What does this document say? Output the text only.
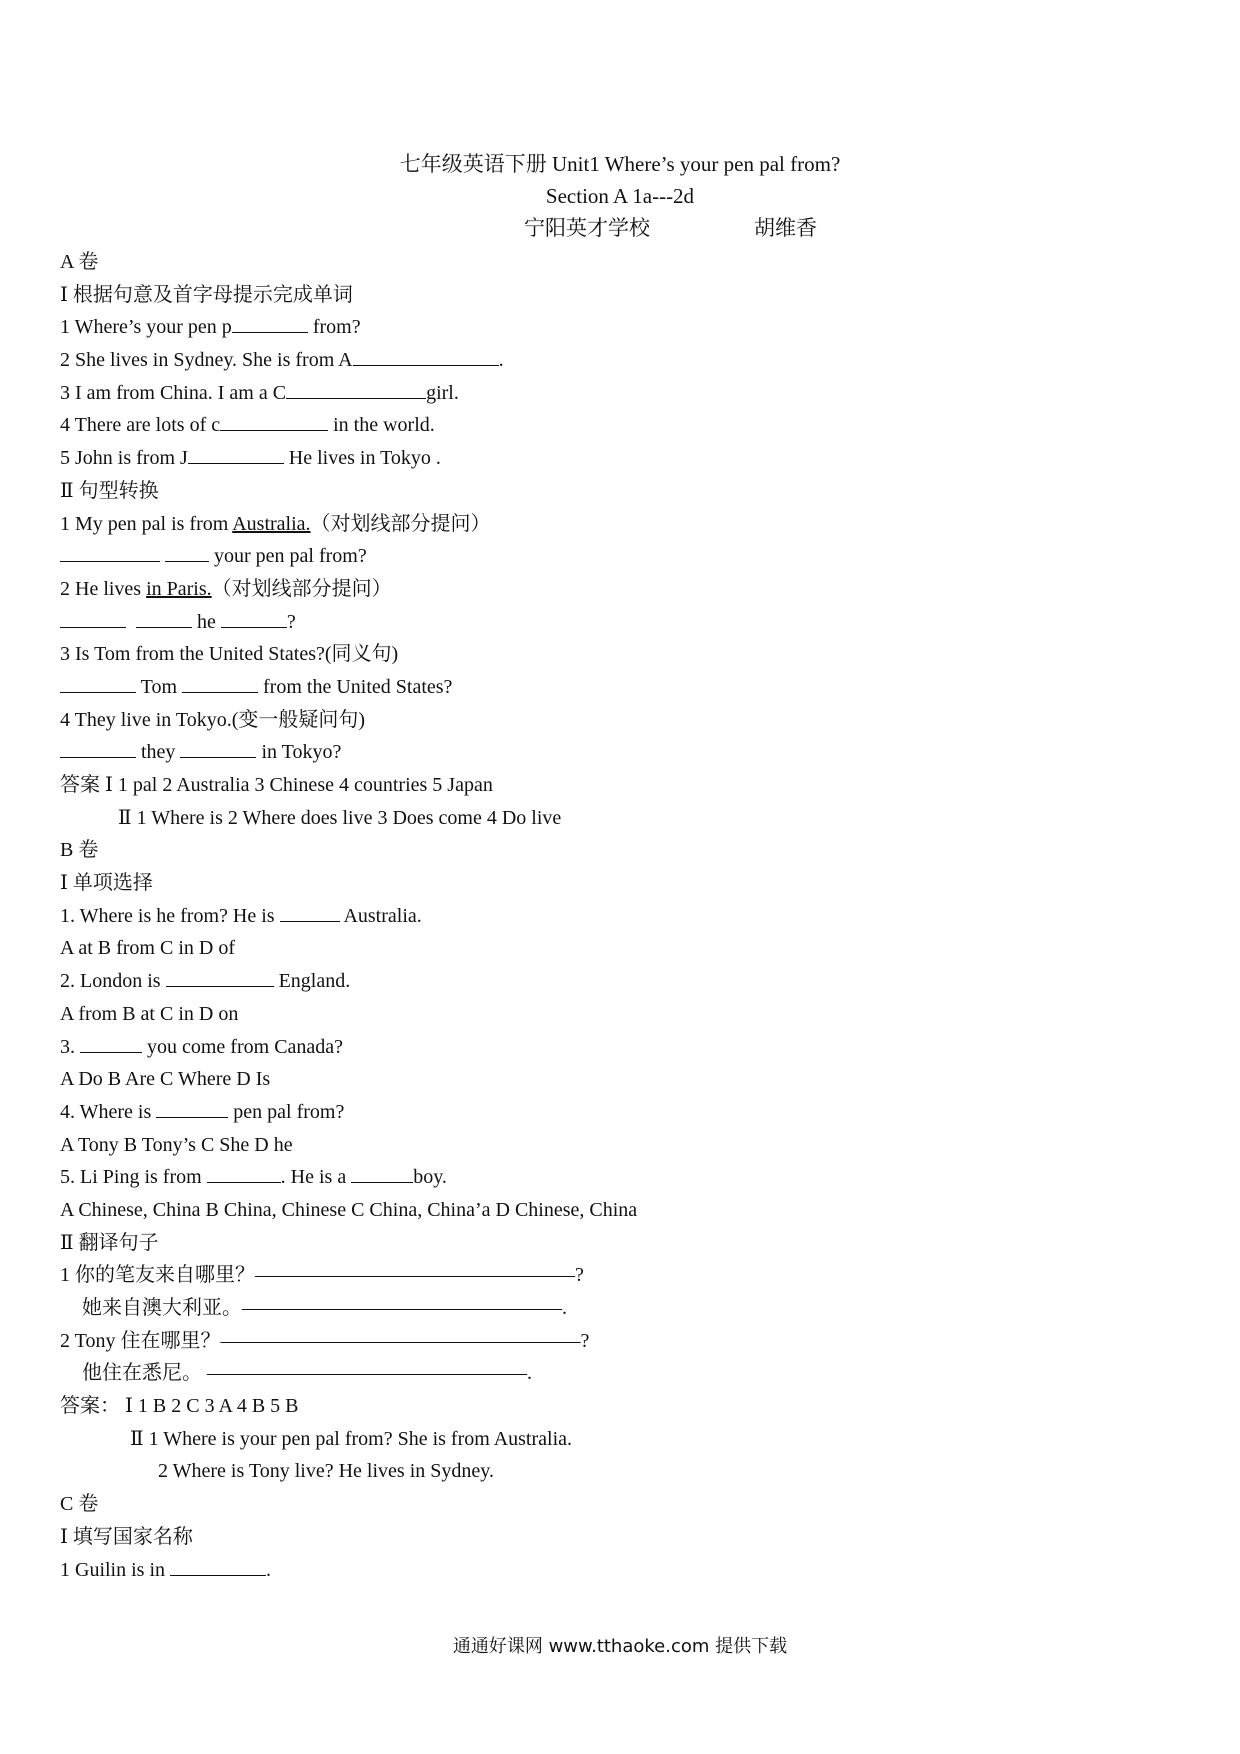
七年级英语下册 Unit1 Where’s your pen pal from?
Section A 1a---2d
宁阳英才学校	胡维香
A 卷
Ⅰ 根据句意及首字母提示完成单词
1 Where’s your pen p	from?
2 She lives in Sydney. She is from A	.
3 I am from China. I am a C	girl.
4 There are lots of c	in the world.
5 John is from J	He lives in Tokyo .
Ⅱ 句型转换
1 My pen pal is from Australia.（对划线部分提问）
your pen pal from?
2 He lives in Paris.（对划线部分提问）
he	?
3 Is Tom from the United States?(同义句)
Tom	from the United States?
4 They live in Tokyo.(变一般疑问句)
they	in Tokyo?
答案 Ⅰ 1 pal 2 Australia 3 Chinese 4 countries 5 Japan
Ⅱ 1 Where is 2 Where does live 3 Does come 4 Do live
B 卷
Ⅰ 单项选择
1. Where is he from? He is	Australia.
A at B from C in D of
2. London is	England.
A from B at C in D on
3.	you come from Canada?
A Do B Are C Where D Is
4. Where is	pen pal from?
A Tony B Tony’s C She D he
5. Li Ping is from	. He is a	boy.
A Chinese, China B China, Chinese C China, China’a D Chinese, China
Ⅱ 翻译句子
1 你的笔友来自哪里？————————————————?
她来自澳大利亚。————————————————.
2 Tony 住在哪里？——————————————————?
他住在悉尼。 ————————————————.
答案： Ⅰ 1 B 2 C 3 A 4 B 5 B
Ⅱ 1 Where is your pen pal from? She is from Australia.
2 Where is Tony live? He lives in Sydney.
C 卷
Ⅰ 填写国家名称
1 Guilin is in	.
通通好课网 www.tthaoke.com 提供下载
